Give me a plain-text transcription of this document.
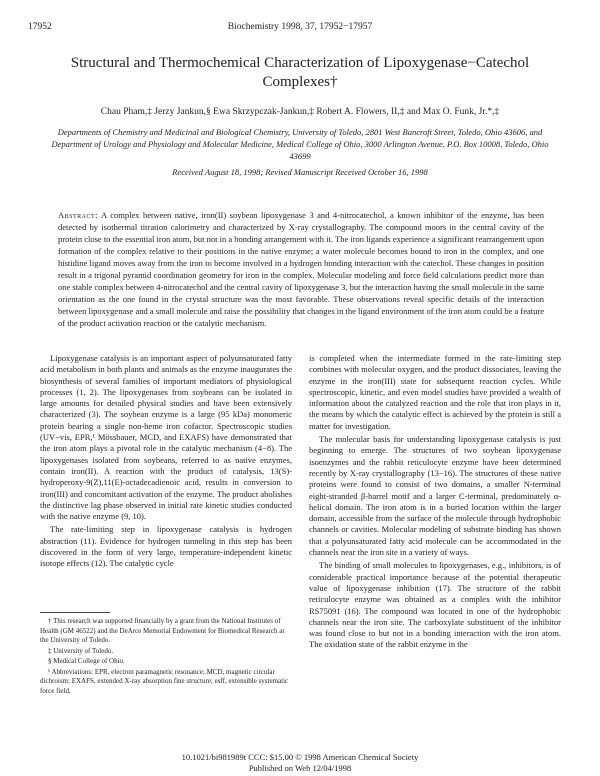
17952	Biochemistry 1998, 37, 17952−17957
Structural and Thermochemical Characterization of Lipoxygenase−Catechol Complexes†
Chau Pham,‡ Jerzy Jankun,§ Ewa Skrzypczak-Jankun,‡ Robert A. Flowers, II,‡ and Max O. Funk, Jr.*,‡
Departments of Chemistry and Medicinal and Biological Chemistry, University of Toledo, 2801 West Bancroft Street, Toledo, Ohio 43606, and Department of Urology and Physiology and Molecular Medicine, Medical College of Ohio, 3000 Arlington Avenue, P.O. Box 10008, Toledo, Ohio 43699
Received August 18, 1998; Revised Manuscript Received October 16, 1998
Abstract: A complex between native, iron(II) soybean lipoxygenase 3 and 4-nitrocatechol, a known inhibitor of the enzyme, has been detected by isothermal titration calorimetry and characterized by X-ray crystallography. The compound moors in the central cavity of the protein close to the essential iron atom, but not in a bonding arrangement with it. The iron ligands experience a significant rearrangement upon formation of the complex relative to their positions in the native enzyme; a water molecule becomes bound to iron in the complex, and one histidine ligand moves away from the iron to become involved in a hydrogen bonding interaction with the catechol. These changes in position result in a trigonal pyramid coordination geometry for iron in the complex. Molecular modeling and force field calculations predict more than one stable complex between 4-nitrocatechol and the central cavity of lipoxygenase 3, but the interaction having the small molecule in the same orientation as the one found in the crystal structure was the most favorable. These observations reveal specific details of the interaction between lipoxygenase and a small molecule and raise the possibility that changes in the ligand environment of the iron atom could be a feature of the product activation reaction or the catalytic mechanism.

Lipoxygenase catalysis is an important aspect of polyunsaturated fatty acid metabolism in both plants and animals as the enzyme inaugurates the biosynthesis of several families of important mediators of physiological processes (1, 2). The lipoxygenases from soybeans can be isolated in large amounts for detailed physical studies and have been extensively characterized (3). The soybean enzyme is a large (95 kDa) monomeric protein bearing a single non-heme iron cofactor. Spectroscopic studies (UV−vis, EPR,¹ Mössbauer, MCD, and EXAFS) have demonstrated that the iron atom plays a pivotal role in the catalytic mechanism (4−8). The lipoxygenases isolated from soybeans, referred to as native enzymes, contain iron(II). A reaction with the product of catalysis, 13(S)-hydroperoxy-9(Z),11(E)-octadecadienoic acid, results in conversion to iron(III) and concomitant activation of the enzyme. The product abolishes the distinctive lag phase observed in initial rate kinetic studies conducted with the native enzyme (9, 10).

The rate-limiting step in lipoxygenase catalysis is hydrogen abstraction (11). Evidence for hydrogen tunneling in this step has been discovered in the form of very large, temperature-independent kinetic isotope effects (12). The catalytic cycle

is completed when the intermediate formed in the rate-limiting step combines with molecular oxygen, and the product dissociates, leaving the enzyme in the iron(III) state for subsequent reaction cycles. While spectroscopic, kinetic, and even model studies have provided a wealth of information about the catalyzed reaction and the role that iron plays in it, the means by which the catalytic effect is achieved by the protein is still a matter for investigation.

The molecular basis for understanding lipoxygenase catalysis is just beginning to emerge. The structures of two soybean lipoxygenase isoenzymes and the rabbit reticulocyte enzyme have been determined recently by X-ray crystallography (13−16). The structures of these native proteins were found to consist of two domains, a smaller N-terminal eight-stranded β-barrel motif and a larger C-terminal, predominately α-helical domain. The iron atom is in a buried location within the larger domain, accessible from the surface of the molecule through hydrophobic channels or cavities. Molecular modeling of substrate binding has shown that a polyunsaturated fatty acid molecule can be accommodated in the channels near the iron site in a variety of ways.

The binding of small molecules to lipoxygenases, e.g., inhibitors, is of considerable practical importance because of the potential therapeutic value of lipoxygenase inhibition (17). The structure of the rabbit reticulocyte enzyme was obtained as a complex with the inhibitor RS75091 (16). The compound was located in one of the hydrophobic channels near the iron site. The carboxylate substituent of the inhibitor was found close to but not in a bonding interaction with the iron atom. The oxidation state of the rabbit enzyme in the

† This research was supported financially by a grant from the National Institutes of Health (GM 46522) and the DeArce Memorial Endowment for Biomedical Research at the University of Toledo.
‡ University of Toledo.
§ Medical College of Ohio.
¹ Abbreviations: EPR, electron paramagnetic resonance; MCD, magnetic circular dichroism; EXAFS, extended X-ray absorption fine structure; esff, extensible systematic force field.
10.1021/bi981989t CCC: $15.00 © 1998 American Chemical Society
Published on Web 12/04/1998
